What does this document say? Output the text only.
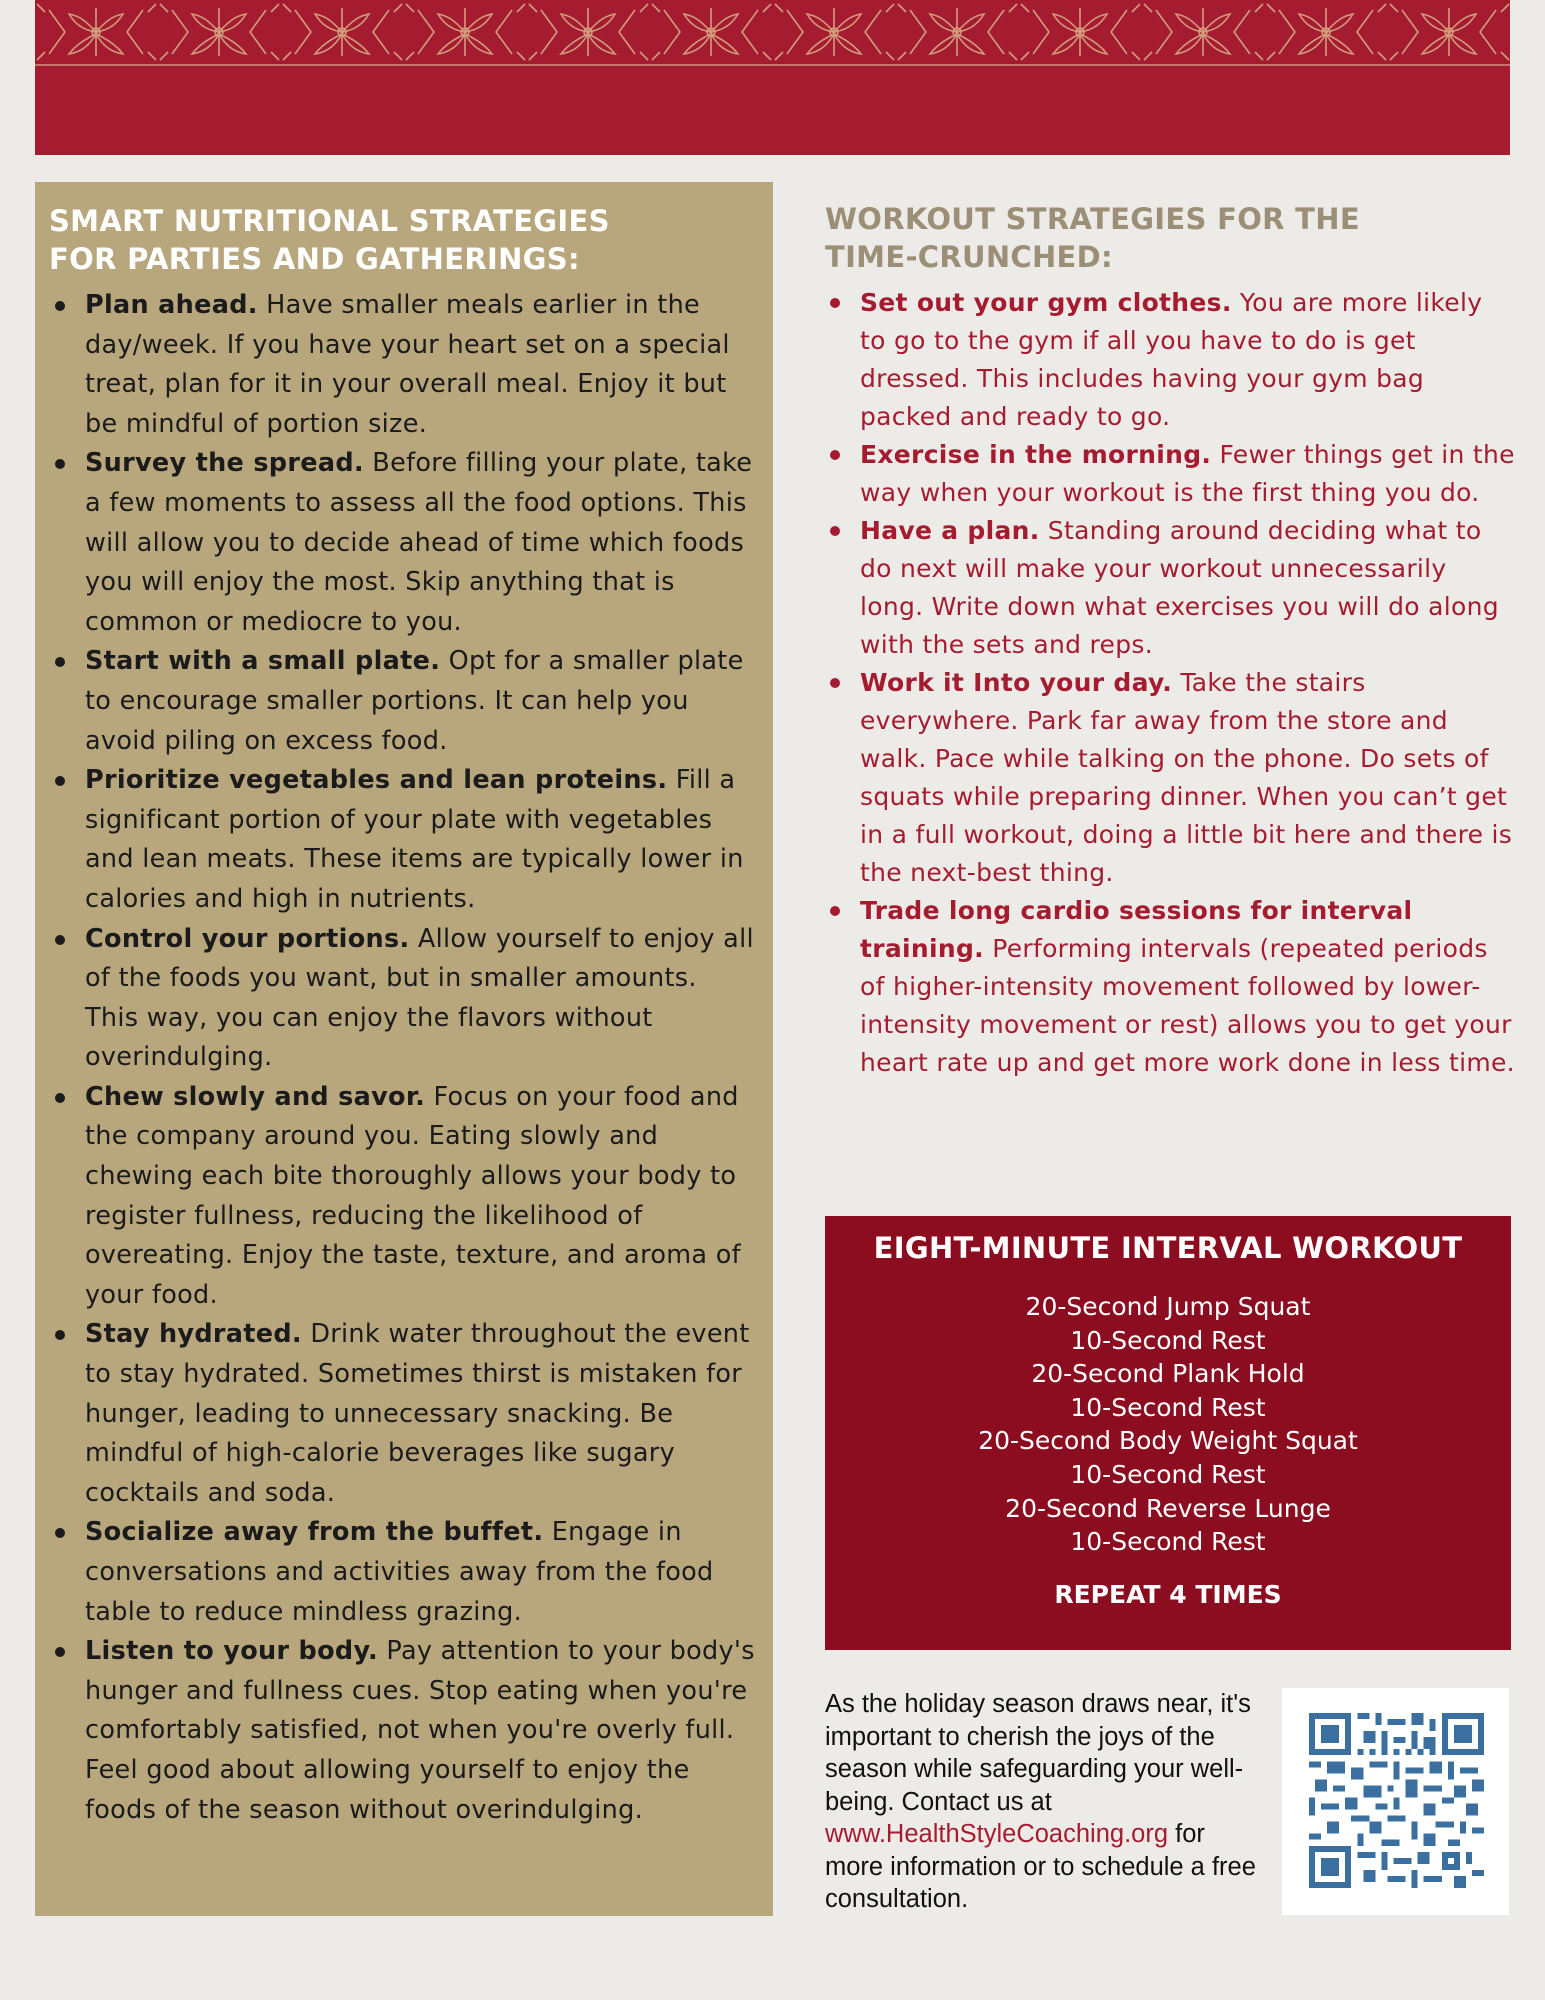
SMART NUTRITIONAL STRATEGIES
FOR PARTIES AND GATHERINGS:
Plan ahead. Have smaller meals earlier in the day/week. If you have your heart set on a special treat, plan for it in your overall meal. Enjoy it but be mindful of portion size.
Survey the spread. Before filling your plate, take a few moments to assess all the food options. This will allow you to decide ahead of time which foods you will enjoy the most. Skip anything that is common or mediocre to you.
Start with a small plate. Opt for a smaller plate to encourage smaller portions. It can help you avoid piling on excess food.
Prioritize vegetables and lean proteins. Fill a significant portion of your plate with vegetables and lean meats. These items are typically lower in calories and high in nutrients.
Control your portions. Allow yourself to enjoy all of the foods you want, but in smaller amounts. This way, you can enjoy the flavors without overindulging.
Chew slowly and savor. Focus on your food and the company around you. Eating slowly and chewing each bite thoroughly allows your body to register fullness, reducing the likelihood of overeating. Enjoy the taste, texture, and aroma of your food.
Stay hydrated. Drink water throughout the event to stay hydrated. Sometimes thirst is mistaken for hunger, leading to unnecessary snacking. Be mindful of high-calorie beverages like sugary cocktails and soda.
Socialize away from the buffet. Engage in conversations and activities away from the food table to reduce mindless grazing.
Listen to your body. Pay attention to your body's hunger and fullness cues. Stop eating when you're comfortably satisfied, not when you're overly full. Feel good about allowing yourself to enjoy the foods of the season without overindulging.
WORKOUT STRATEGIES FOR THE
TIME-CRUNCHED:
Set out your gym clothes. You are more likely to go to the gym if all you have to do is get dressed. This includes having your gym bag packed and ready to go.
Exercise in the morning. Fewer things get in the way when your workout is the first thing you do.
Have a plan. Standing around deciding what to do next will make your workout unnecessarily long. Write down what exercises you will do along with the sets and reps.
Work it Into your day. Take the stairs everywhere. Park far away from the store and walk. Pace while talking on the phone. Do sets of squats while preparing dinner. When you can’t get in a full workout, doing a little bit here and there is the next-best thing.
Trade long cardio sessions for interval training. Performing intervals (repeated periods of higher-intensity movement followed by lower-intensity movement or rest) allows you to get your heart rate up and get more work done in less time.
EIGHT-MINUTE INTERVAL WORKOUT
20-Second Jump Squat
10-Second Rest
20-Second Plank Hold
10-Second Rest
20-Second Body Weight Squat
10-Second Rest
20-Second Reverse Lunge
10-Second Rest

REPEAT 4 TIMES

As the holiday season draws near, it's important to cherish the joys of the season while safeguarding your well-being. Contact us at www.HealthStyleCoaching.org for more information or to schedule a free consultation.
